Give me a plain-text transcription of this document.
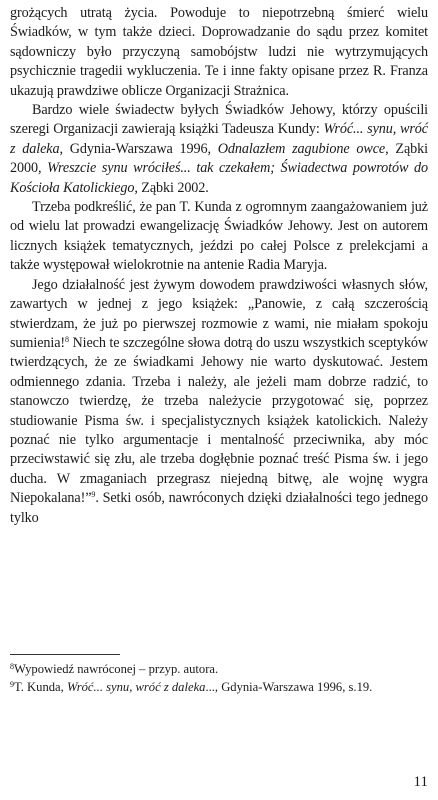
grożących utratą życia. Powoduje to niepotrzebną śmierć wielu Świadków, w tym także dzieci. Doprowadzanie do sądu przez komitet sądowniczy było przyczyną samobójstw ludzi nie wytrzymujących psychicznie tragedii wykluczenia. Te i inne fakty opisane przez R. Franza ukazują prawdziwe oblicze Organizacji Strażnica.

Bardzo wiele świadectw byłych Świadków Jehowy, którzy opuścili szeregi Organizacji zawierają książki Tadeusza Kundy: Wróć... synu, wróć z daleka, Gdynia-Warszawa 1996, Odnalazłem zagubione owce, Ząbki 2000, Wreszcie synu wróciłeś... tak czekałem; Świadectwa powrotów do Kościoła Katolickiego, Ząbki 2002.

Trzeba podkreślić, że pan T. Kunda z ogromnym zaangażowaniem już od wielu lat prowadzi ewangelizację Świadków Jehowy. Jest on autorem licznych książek tematycznych, jeździ po całej Polsce z prelekcjami a także występował wielokrotnie na antenie Radia Maryja.

Jego działalność jest żywym dowodem prawdziwości własnych słów, zawartych w jednej z jego książek: „Panowie, z całą szczerością stwierdzam, że już po pierwszej rozmowie z wami, nie miałam spokoju sumienia!$^8$ Niech te szczególne słowa dotrą do uszu wszystkich sceptyków twierdzących, że ze świadkami Jehowy nie warto dyskutować. Jestem odmiennego zdania. Trzeba i należy, ale jeżeli mam dobrze radzić, to stanowczo twierdzę, że trzeba należycie przygotować się, poprzez studiowanie Pisma św. i specjalistycznych książek katolickich. Należy poznać nie tylko argumentacje i mentalność przeciwnika, aby móc przeciwstawić się złu, ale trzeba dogłębnie poznać treść Pisma św. i jego ducha. W zmaganiach przegrasz niejedną bitwę, ale wojnę wygra Niepokalana!”$^9$. Setki osób, nawróconych dzięki działalności tego jednego tylko

$^8$Wypowiedź nawróconej – przyp. autora.
$^9$T. Kunda, Wróć... synu, wróć z daleka..., Gdynia-Warszawa 1996, s.19.
11
